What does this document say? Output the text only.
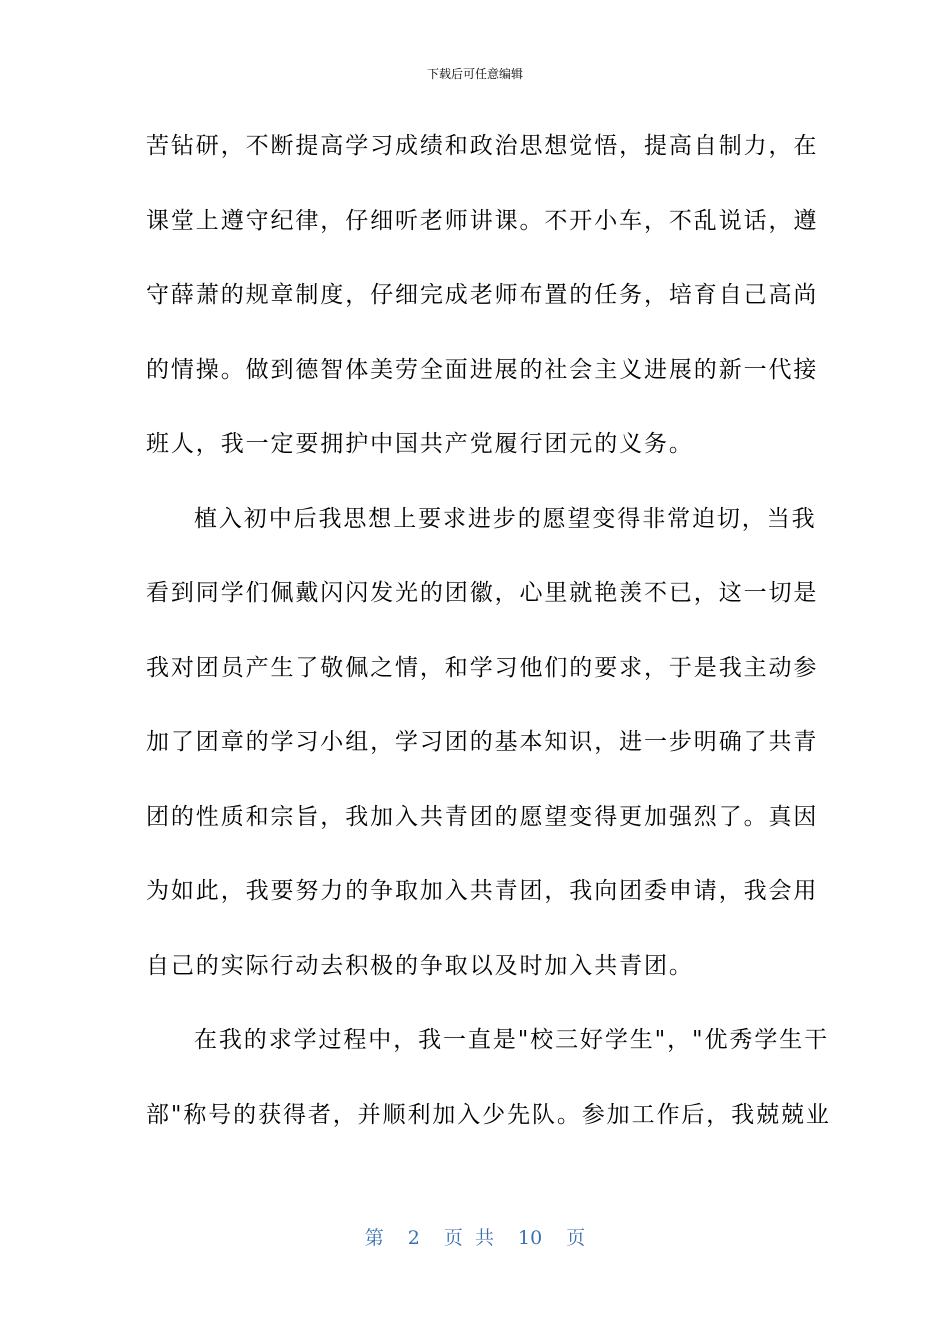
下载后可任意编辑
苦钻研，不断提高学习成绩和政治思想觉悟，提高自制力，在
课堂上遵守纪律，仔细听老师讲课。不开小车，不乱说话，遵
守薛萧的规章制度，仔细完成老师布置的任务，培育自己高尚
的情操。做到德智体美劳全面进展的社会主义进展的新一代接
班人，我一定要拥护中国共产党履行团元的义务。
植入初中后我思想上要求进步的愿望变得非常迫切，当我
看到同学们佩戴闪闪发光的团徽，心里就艳羡不已，这一切是
我对团员产生了敬佩之情，和学习他们的要求，于是我主动参
加了团章的学习小组，学习团的基本知识，进一步明确了共青
团的性质和宗旨，我加入共青团的愿望变得更加强烈了。真因
为如此，我要努力的争取加入共青团，我向团委申请，我会用
自己的实际行动去积极的争取以及时加入共青团。
在我的求学过程中，我一直是"校三好学生"，"优秀学生干
部"称号的获得者，并顺利加入少先队。参加工作后，我兢兢业
第 2 页 共 10 页
